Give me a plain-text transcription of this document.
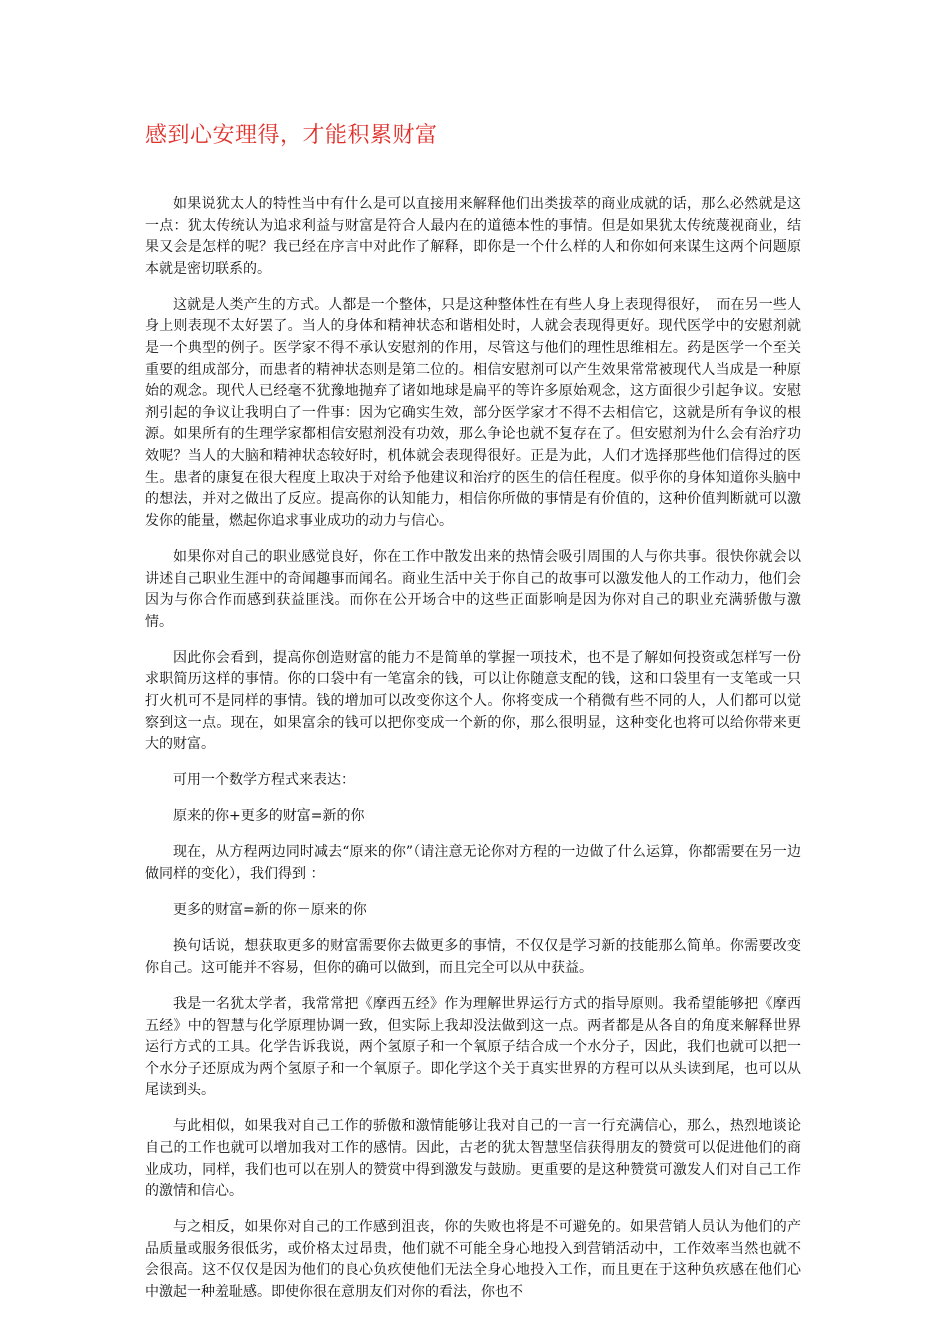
感到心安理得，才能积累财富

如果说犹太人的特性当中有什么是可以直接用来解释他们出类拔萃的商业成就的话，那么必然就是这一点：犹太传统认为追求利益与财富是符合人最内在的道德本性的事情。但是如果犹太传统蔑视商业，结果又会是怎样的呢？我已经在序言中对此作了解释，即你是一个什么样的人和你如何来谋生这两个问题原本就是密切联系的。

这就是人类产生的方式。人都是一个整体，只是这种整体性在有些人身上表现得很好，　而在另一些人身上则表现不太好罢了。当人的身体和精神状态和谐相处时，人就会表现得更好。现代医学中的安慰剂就是一个典型的例子。医学家不得不承认安慰剂的作用，尽管这与他们的理性思维相左。药是医学一个至关重要的组成部分，而患者的精神状态则是第二位的。相信安慰剂可以产生效果常常被现代人当成是一种原始的观念。现代人已经毫不犹豫地抛弃了诸如地球是扁平的等许多原始观念，这方面很少引起争议。安慰剂引起的争议让我明白了一件事：因为它确实生效，部分医学家才不得不去相信它，这就是所有争议的根源。如果所有的生理学家都相信安慰剂没有功效，那么争论也就不复存在了。但安慰剂为什么会有治疗功效呢？当人的大脑和精神状态较好时，机体就会表现得很好。正是为此，人们才选择那些他们信得过的医生。患者的康复在很大程度上取决于对给予他建议和治疗的医生的信任程度。似乎你的身体知道你头脑中的想法，并对之做出了反应。提高你的认知能力，相信你所做的事情是有价值的，这种价值判断就可以激发你的能量，燃起你追求事业成功的动力与信心。

如果你对自己的职业感觉良好，你在工作中散发出来的热情会吸引周围的人与你共事。很快你就会以讲述自己职业生涯中的奇闻趣事而闻名。商业生活中关于你自己的故事可以激发他人的工作动力，他们会因为与你合作而感到获益匪浅。而你在公开场合中的这些正面影响是因为你对自己的职业充满骄傲与激情。

因此你会看到，提高你创造财富的能力不是简单的掌握一项技术，也不是了解如何投资或怎样写一份求职简历这样的事情。你的口袋中有一笔富余的钱，可以让你随意支配的钱，这和口袋里有一支笔或一只打火机可不是同样的事情。钱的增加可以改变你这个人。你将变成一个稍微有些不同的人，人们都可以觉察到这一点。现在，如果富余的钱可以把你变成一个新的你，那么很明显，这种变化也将可以给你带来更大的财富。

可用一个数学方程式来表达：

原来的你+更多的财富=新的你

现在，从方程两边同时减去“原来的你”（请注意无论你对方程的一边做了什么运算，你都需要在另一边做同样的变化），我们得到 ：

更多的财富=新的你－原来的你

换句话说，想获取更多的财富需要你去做更多的事情，不仅仅是学习新的技能那么简单。你需要改变你自己。这可能并不容易，但你的确可以做到，而且完全可以从中获益。

我是一名犹太学者，我常常把《摩西五经》作为理解世界运行方式的指导原则。我希望能够把《摩西五经》中的智慧与化学原理协调一致，但实际上我却没法做到这一点。两者都是从各自的角度来解释世界运行方式的工具。化学告诉我说，两个氢原子和一个氧原子结合成一个水分子，因此，我们也就可以把一个水分子还原成为两个氢原子和一个氧原子。即化学这个关于真实世界的方程可以从头读到尾，也可以从尾读到头。

与此相似，如果我对自己工作的骄傲和激情能够让我对自己的一言一行充满信心，那么，热烈地谈论自己的工作也就可以增加我对工作的感情。因此，古老的犹太智慧坚信获得朋友的赞赏可以促进他们的商业成功，同样，我们也可以在别人的赞赏中得到激发与鼓励。更重要的是这种赞赏可激发人们对自己工作的激情和信心。

与之相反，如果你对自己的工作感到沮丧，你的失败也将是不可避免的。如果营销人员认为他们的产品质量或服务很低劣，或价格太过昂贵，他们就不可能全身心地投入到营销活动中，工作效率当然也就不会很高。这不仅仅是因为他们的良心负疚使他们无法全身心地投入工作，而且更在于这种负疚感在他们心中激起一种羞耻感。即使你很在意朋友们对你的看法，你也不
